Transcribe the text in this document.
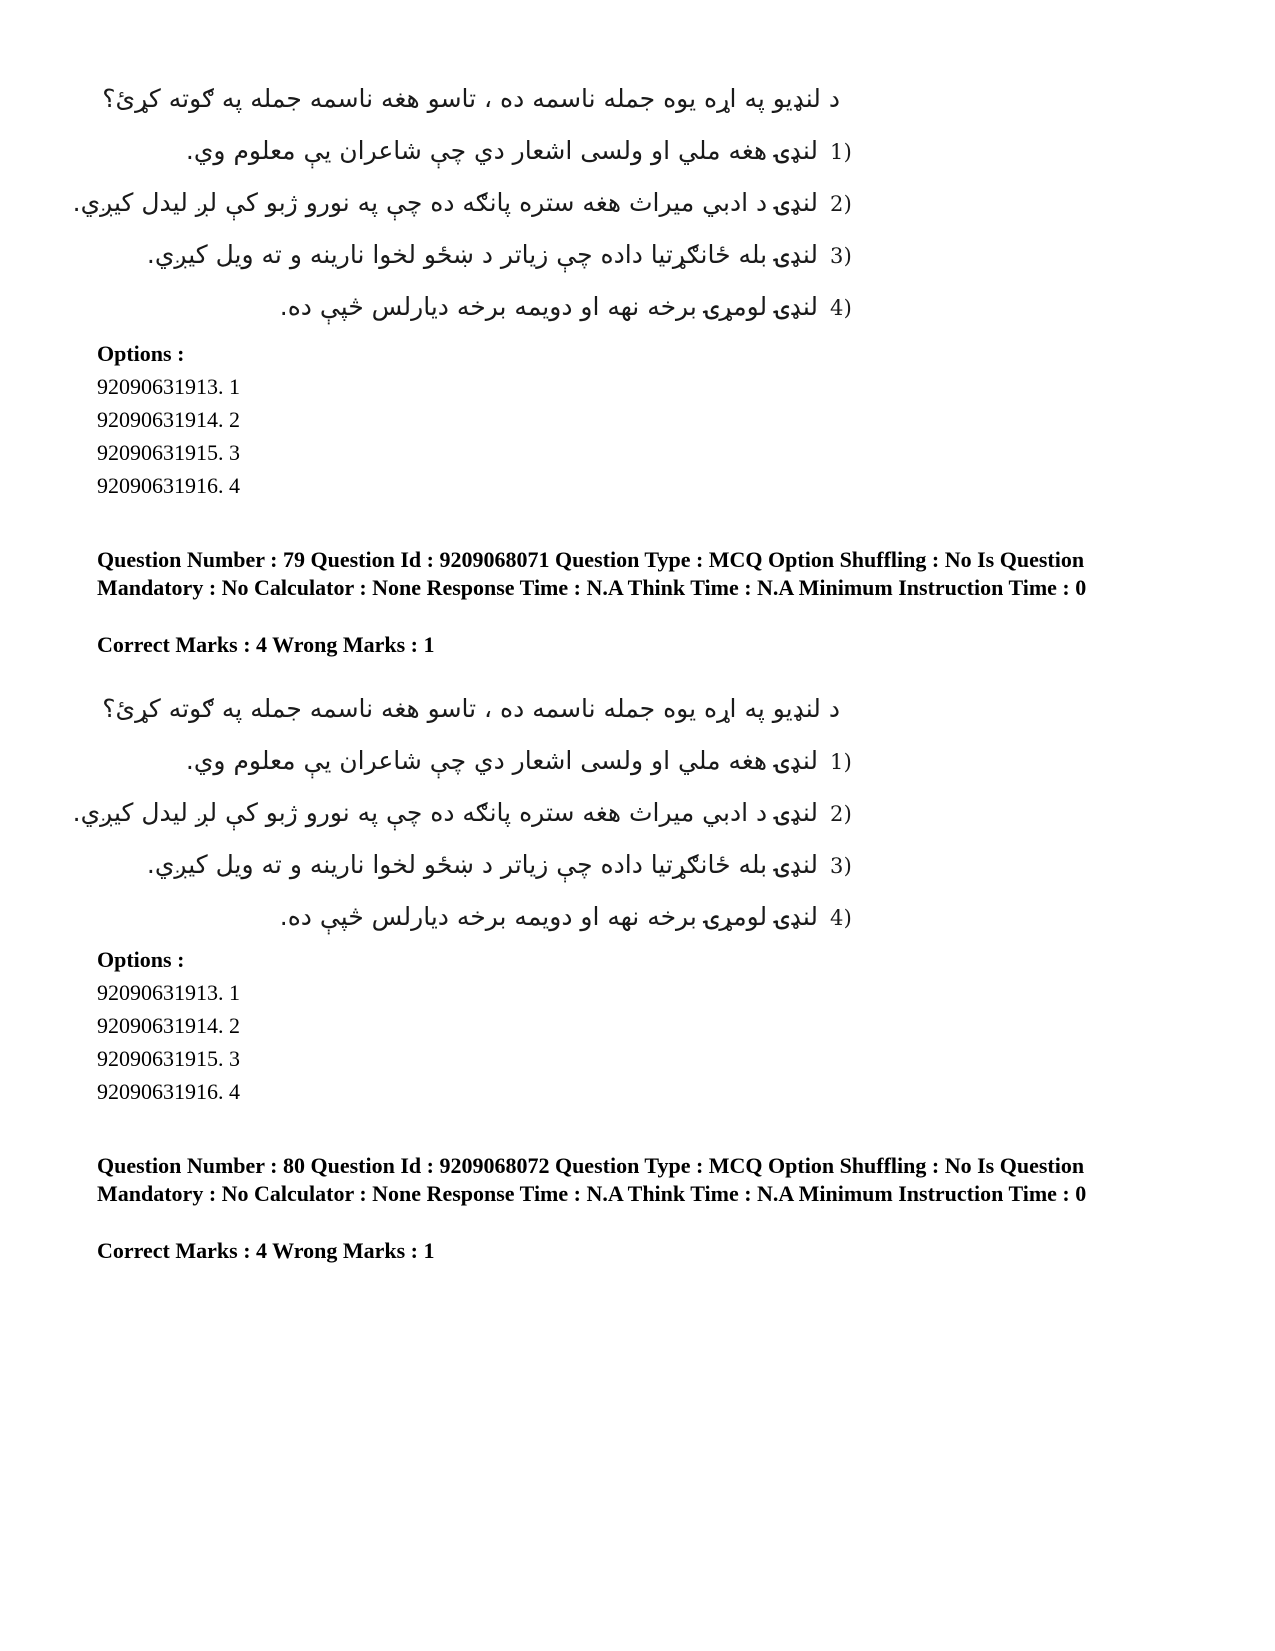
د لنډیو په اړه یوه جمله ناسمه ده ، تاسو هغه ناسمه جمله په ګوته کړئ؟
1)لنډۍ هغه ملي او ولسی اشعار دي چې شاعران یې معلوم وي.
2)لنډۍ د ادبي میراث هغه ستره پانګه ده چې په نورو ژبو کې لږ لیدل کیږي.
3)لنډۍ بله ځانګړتیا داده چې زیاتر د ښځو لخوا نارینه و ته ویل کیږي.
4)لنډۍ لومړۍ برخه نهه او دویمه برخه دیارلس څپې ده.
Options :
92090631913. 1
92090631914. 2
92090631915. 3
92090631916. 4
Question Number : 79 Question Id : 9209068071 Question Type : MCQ Option Shuffling : No Is Question Mandatory : No Calculator : None Response Time : N.A Think Time : N.A Minimum Instruction Time : 0
Correct Marks : 4 Wrong Marks : 1
د لنډیو په اړه یوه جمله ناسمه ده ، تاسو هغه ناسمه جمله په ګوته کړئ؟
1)لنډۍ هغه ملي او ولسی اشعار دي چې شاعران یې معلوم وي.
2)لنډۍ د ادبي میراث هغه ستره پانګه ده چې په نورو ژبو کې لږ لیدل کیږي.
3)لنډۍ بله ځانګړتیا داده چې زیاتر د ښځو لخوا نارینه و ته ویل کیږي.
4)لنډۍ لومړۍ برخه نهه او دویمه برخه دیارلس څپې ده.
Options :
92090631913. 1
92090631914. 2
92090631915. 3
92090631916. 4
Question Number : 80 Question Id : 9209068072 Question Type : MCQ Option Shuffling : No Is Question Mandatory : No Calculator : None Response Time : N.A Think Time : N.A Minimum Instruction Time : 0
Correct Marks : 4 Wrong Marks : 1
